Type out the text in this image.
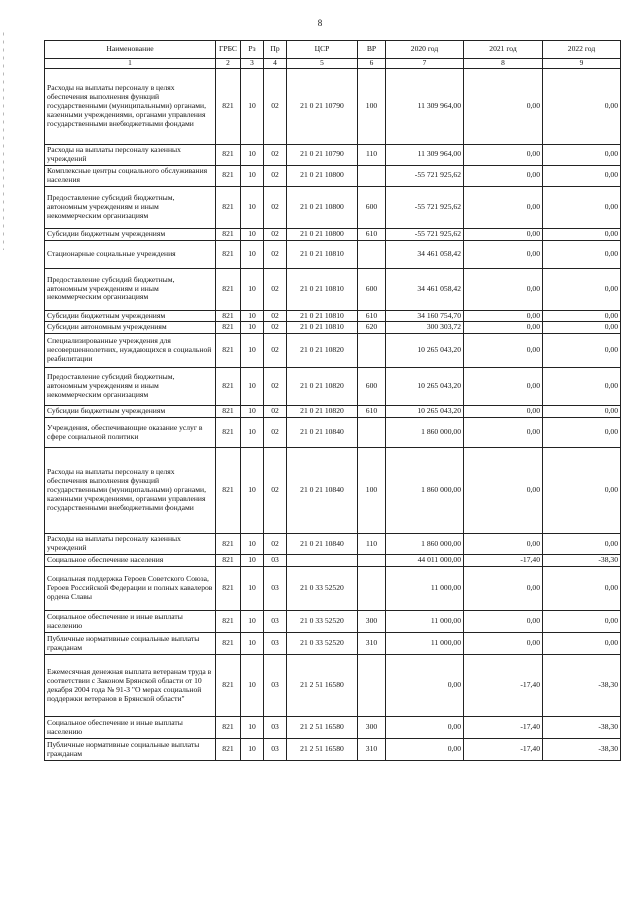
8
Наименование	ГРБС	Рз	Пр	ЦСР	ВР	2020 год	2021 год	2022 год
1	2	3	4	5	6	7	8	9
Расходы на выплаты персоналу в целях обеспечения выполнения функций государственными (муниципальными) органами, казенными учреждениями, органами управления государственными внебюджетными фондами	821	10	02	21 0 21 10790	100	11 309 964,00	0,00	0,00
Расходы на выплаты персоналу казенных учреждений	821	10	02	21 0 21 10790	110	11 309 964,00	0,00	0,00
Комплексные центры социального обслуживания населения	821	10	02	21 0 21 10800		-55 721 925,62	0,00	0,00
Предоставление субсидий бюджетным, автономным учреждениям и иным некоммерческим организациям	821	10	02	21 0 21 10800	600	-55 721 925,62	0,00	0,00
Субсидии бюджетным учреждениям	821	10	02	21 0 21 10800	610	-55 721 925,62	0,00	0,00
Стационарные социальные учреждения	821	10	02	21 0 21 10810		34 461 058,42	0,00	0,00
Предоставление субсидий бюджетным, автономным учреждениям и иным некоммерческим организациям	821	10	02	21 0 21 10810	600	34 461 058,42	0,00	0,00
Субсидии бюджетным учреждениям	821	10	02	21 0 21 10810	610	34 160 754,70	0,00	0,00
Субсидии автономным учреждениям	821	10	02	21 0 21 10810	620	300 303,72	0,00	0,00
Специализированные учреждения для несовершеннолетних, нуждающихся в социальной реабилитации	821	10	02	21 0 21 10820		10 265 043,20	0,00	0,00
Предоставление субсидий бюджетным, автономным учреждениям и иным некоммерческим организациям	821	10	02	21 0 21 10820	600	10 265 043,20	0,00	0,00
Субсидии бюджетным учреждениям	821	10	02	21 0 21 10820	610	10 265 043,20	0,00	0,00
Учреждения, обеспечивающие оказание услуг в сфере социальной политики	821	10	02	21 0 21 10840		1 860 000,00	0,00	0,00
Расходы на выплаты персоналу в целях обеспечения выполнения функций государственными (муниципальными) органами, казенными учреждениями, органами управления государственными внебюджетными фондами	821	10	02	21 0 21 10840	100	1 860 000,00	0,00	0,00
Расходы на выплаты персоналу казенных учреждений	821	10	02	21 0 21 10840	110	1 860 000,00	0,00	0,00
Социальное обеспечение населения	821	10	03			44 011 000,00	-17,40	-38,30
Социальная поддержка Героев Советского Союза, Героев Российской Федерации и полных кавалеров ордена Славы	821	10	03	21 0 33 52520		11 000,00	0,00	0,00
Социальное обеспечение и иные выплаты населению	821	10	03	21 0 33 52520	300	11 000,00	0,00	0,00
Публичные нормативные социальные выплаты гражданам	821	10	03	21 0 33 52520	310	11 000,00	0,00	0,00
Ежемесячная денежная выплата ветеранам труда в соответствии с Законом Брянской области от 10 декабря 2004 года № 91-З "О мерах социальной поддержки ветеранов в Брянской области"	821	10	03	21 2 51 16580		0,00	-17,40	-38,30
Социальное обеспечение и иные выплаты населению	821	10	03	21 2 51 16580	300	0,00	-17,40	-38,30
Публичные нормативные социальные выплаты гражданам	821	10	03	21 2 51 16580	310	0,00	-17,40	-38,30
